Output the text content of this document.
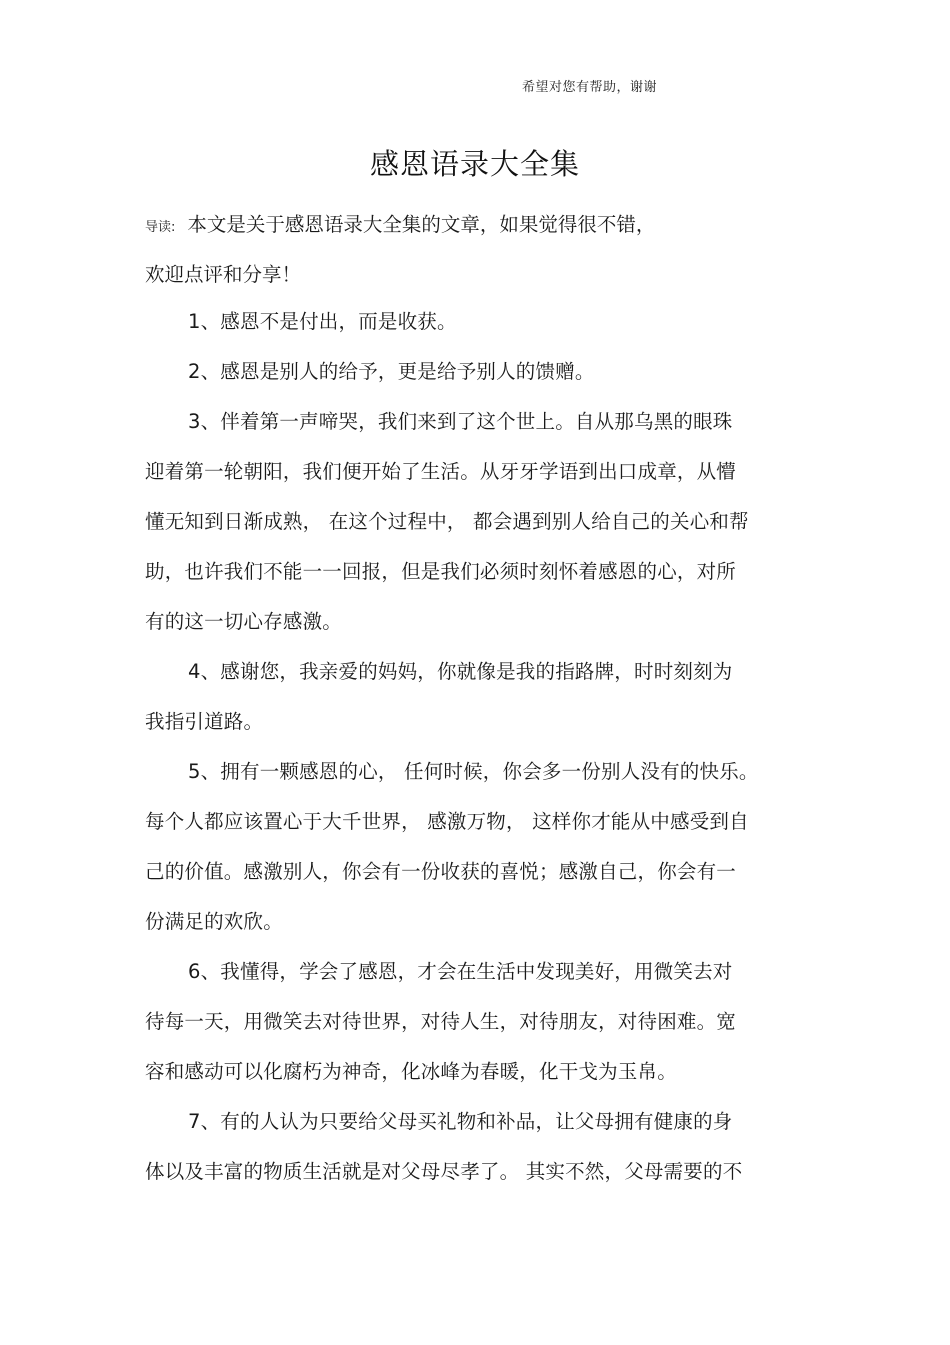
希望对您有帮助，谢谢
感恩语录大全集
导读: 本文是关于感恩语录大全集的文章，如果觉得很不错，
欢迎点评和分享！
1、感恩不是付出，而是收获。
2、感恩是别人的给予，更是给予别人的馈赠。
3、伴着第一声啼哭，我们来到了这个世上。自从那乌黑的眼珠
迎着第一轮朝阳，我们便开始了生活。从牙牙学语到出口成章，从懵
懂无知到日渐成熟， 在这个过程中， 都会遇到别人给自己的关心和帮
助，也许我们不能一一回报，但是我们必须时刻怀着感恩的心，对所
有的这一切心存感激。
4、感谢您，我亲爱的妈妈，你就像是我的指路牌，时时刻刻为
我指引道路。
5、拥有一颗感恩的心， 任何时候，你会多一份别人没有的快乐。
每个人都应该置心于大千世界， 感激万物， 这样你才能从中感受到自
己的价值。感激别人，你会有一份收获的喜悦；感激自己，你会有一
份满足的欢欣。
6、我懂得，学会了感恩，才会在生活中发现美好，用微笑去对
待每一天，用微笑去对待世界，对待人生，对待朋友，对待困难。宽
容和感动可以化腐朽为神奇，化冰峰为春暖，化干戈为玉帛。
7、有的人认为只要给父母买礼物和补品，让父母拥有健康的身
体以及丰富的物质生活就是对父母尽孝了。 其实不然，父母需要的不
